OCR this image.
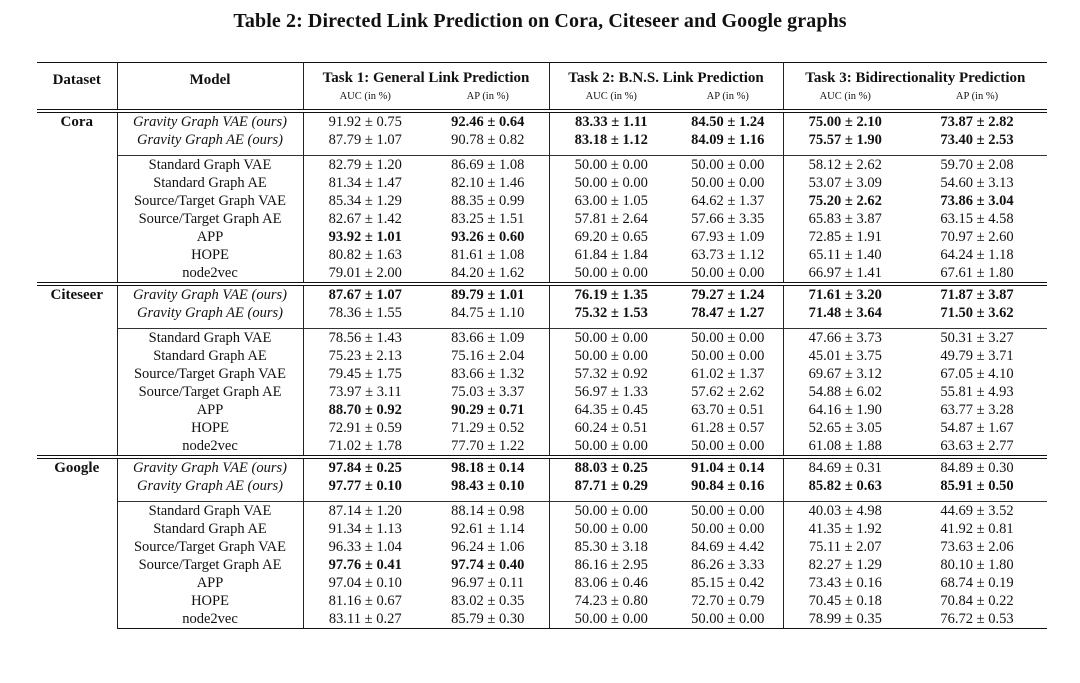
Table 2: Directed Link Prediction on Cora, Citeseer and Google graphs
Dataset	Model	Task 1: General Link Prediction		Task 2: B.N.S. Link Prediction		Task 3: Bidirectionality Prediction	
		AUC (in %)	AP (in %)	AUC (in %)	AP (in %)	AUC (in %)	AP (in %)
Cora	Gravity Graph VAE (ours)	91.92 ± 0.75	92.46 ± 0.64	83.33 ± 1.11	84.50 ± 1.24	75.00 ± 2.10	73.87 ± 2.82
	Gravity Graph AE (ours)	87.79 ± 1.07	90.78 ± 0.82	83.18 ± 1.12	84.09 ± 1.16	75.57 ± 1.90	73.40 ± 2.53

	Standard Graph VAE	82.79 ± 1.20	86.69 ± 1.08	50.00 ± 0.00	50.00 ± 0.00	58.12 ± 2.62	59.70 ± 2.08
	Standard Graph AE	81.34 ± 1.47	82.10 ± 1.46	50.00 ± 0.00	50.00 ± 0.00	53.07 ± 3.09	54.60 ± 3.13
	Source/Target Graph VAE	85.34 ± 1.29	88.35 ± 0.99	63.00 ± 1.05	64.62 ± 1.37	75.20 ± 2.62	73.86 ± 3.04
	Source/Target Graph AE	82.67 ± 1.42	83.25 ± 1.51	57.81 ± 2.64	57.66 ± 3.35	65.83 ± 3.87	63.15 ± 4.58
	APP	93.92 ± 1.01	93.26 ± 0.60	69.20 ± 0.65	67.93 ± 1.09	72.85 ± 1.91	70.97 ± 2.60
	HOPE	80.82 ± 1.63	81.61 ± 1.08	61.84 ± 1.84	63.73 ± 1.12	65.11 ± 1.40	64.24 ± 1.18
	node2vec	79.01 ± 2.00	84.20 ± 1.62	50.00 ± 0.00	50.00 ± 0.00	66.97 ± 1.41	67.61 ± 1.80
Citeseer	Gravity Graph VAE (ours)	87.67 ± 1.07	89.79 ± 1.01	76.19 ± 1.35	79.27 ± 1.24	71.61 ± 3.20	71.87 ± 3.87
	Gravity Graph AE (ours)	78.36 ± 1.55	84.75 ± 1.10	75.32 ± 1.53	78.47 ± 1.27	71.48 ± 3.64	71.50 ± 3.62

	Standard Graph VAE	78.56 ± 1.43	83.66 ± 1.09	50.00 ± 0.00	50.00 ± 0.00	47.66 ± 3.73	50.31 ± 3.27
	Standard Graph AE	75.23 ± 2.13	75.16 ± 2.04	50.00 ± 0.00	50.00 ± 0.00	45.01 ± 3.75	49.79 ± 3.71
	Source/Target Graph VAE	79.45 ± 1.75	83.66 ± 1.32	57.32 ± 0.92	61.02 ± 1.37	69.67 ± 3.12	67.05 ± 4.10
	Source/Target Graph AE	73.97 ± 3.11	75.03 ± 3.37	56.97 ± 1.33	57.62 ± 2.62	54.88 ± 6.02	55.81 ± 4.93
	APP	88.70 ± 0.92	90.29 ± 0.71	64.35 ± 0.45	63.70 ± 0.51	64.16 ± 1.90	63.77 ± 3.28
	HOPE	72.91 ± 0.59	71.29 ± 0.52	60.24 ± 0.51	61.28 ± 0.57	52.65 ± 3.05	54.87 ± 1.67
	node2vec	71.02 ± 1.78	77.70 ± 1.22	50.00 ± 0.00	50.00 ± 0.00	61.08 ± 1.88	63.63 ± 2.77
Google	Gravity Graph VAE (ours)	97.84 ± 0.25	98.18 ± 0.14	88.03 ± 0.25	91.04 ± 0.14	84.69 ± 0.31	84.89 ± 0.30
	Gravity Graph AE (ours)	97.77 ± 0.10	98.43 ± 0.10	87.71 ± 0.29	90.84 ± 0.16	85.82 ± 0.63	85.91 ± 0.50

	Standard Graph VAE	87.14 ± 1.20	88.14 ± 0.98	50.00 ± 0.00	50.00 ± 0.00	40.03 ± 4.98	44.69 ± 3.52
	Standard Graph AE	91.34 ± 1.13	92.61 ± 1.14	50.00 ± 0.00	50.00 ± 0.00	41.35 ± 1.92	41.92 ± 0.81
	Source/Target Graph VAE	96.33 ± 1.04	96.24 ± 1.06	85.30 ± 3.18	84.69 ± 4.42	75.11 ± 2.07	73.63 ± 2.06
	Source/Target Graph AE	97.76 ± 0.41	97.74 ± 0.40	86.16 ± 2.95	86.26 ± 3.33	82.27 ± 1.29	80.10 ± 1.80
	APP	97.04 ± 0.10	96.97 ± 0.11	83.06 ± 0.46	85.15 ± 0.42	73.43 ± 0.16	68.74 ± 0.19
	HOPE	81.16 ± 0.67	83.02 ± 0.35	74.23 ± 0.80	72.70 ± 0.79	70.45 ± 0.18	70.84 ± 0.22
	node2vec	83.11 ± 0.27	85.79 ± 0.30	50.00 ± 0.00	50.00 ± 0.00	78.99 ± 0.35	76.72 ± 0.53
